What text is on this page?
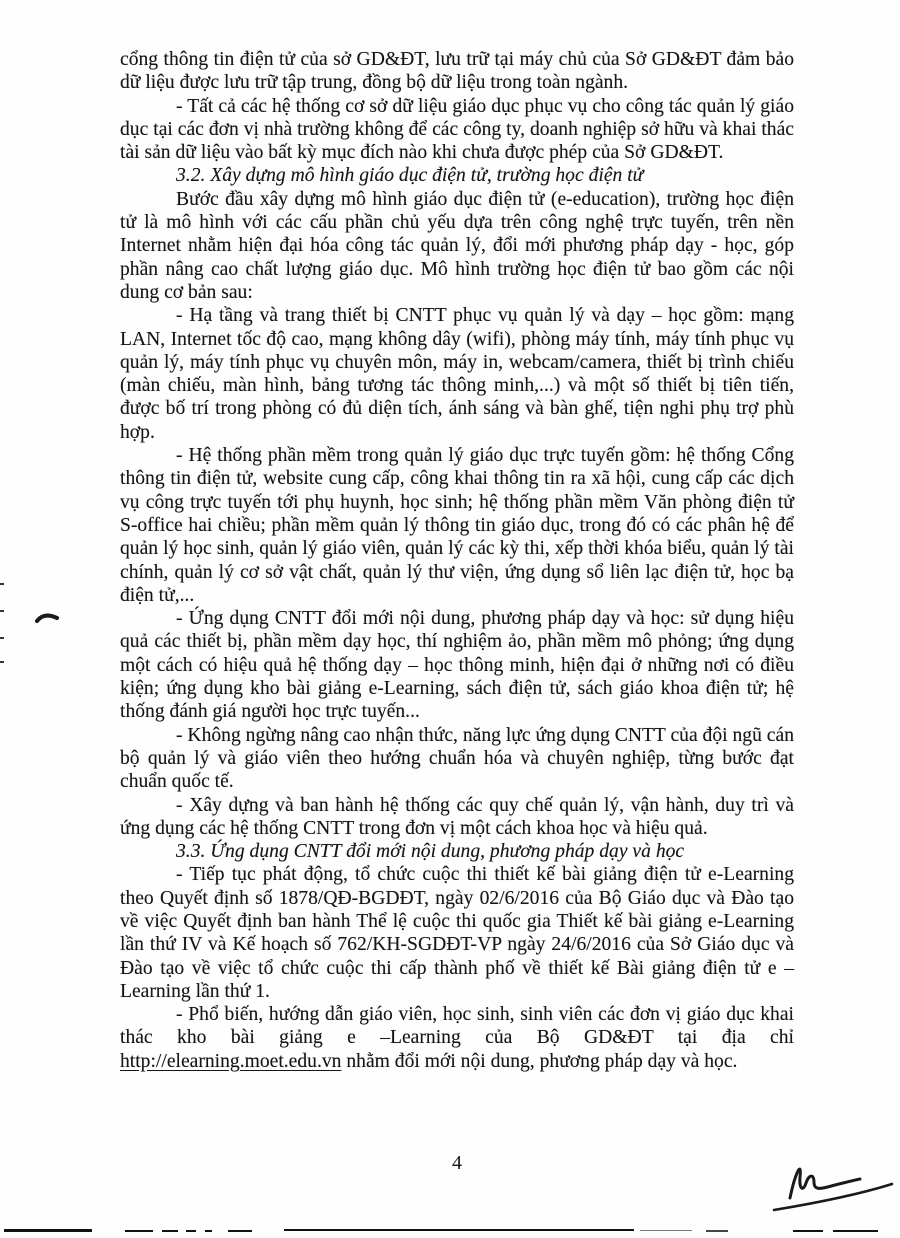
cổng thông tin điện tử của sở GD&ĐT, lưu trữ tại máy chủ của Sở GD&ĐT đảm bảo dữ liệu được lưu trữ tập trung, đồng bộ dữ liệu trong toàn ngành.

- Tất cả các hệ thống cơ sở dữ liệu giáo dục phục vụ cho công tác quản lý giáo dục tại các đơn vị nhà trường không để các công ty, doanh nghiệp sở hữu và khai thác tài sản dữ liệu vào bất kỳ mục đích nào khi chưa được phép của Sở GD&ĐT.

3.2. Xây dựng mô hình giáo dục điện tử, trường học điện tử

Bước đầu xây dựng mô hình giáo dục điện tử (e-education), trường học điện tử là mô hình với các cấu phần chủ yếu dựa trên công nghệ trực tuyến, trên nền Internet nhằm hiện đại hóa công tác quản lý, đổi mới phương pháp dạy - học, góp phần nâng cao chất lượng giáo dục. Mô hình trường học điện tử bao gồm các nội dung cơ bản sau:

- Hạ tầng và trang thiết bị CNTT phục vụ quản lý và dạy – học gồm: mạng LAN, Internet tốc độ cao, mạng không dây (wifi), phòng máy tính, máy tính phục vụ quản lý, máy tính phục vụ chuyên môn, máy in, webcam/camera, thiết bị trình chiếu (màn chiếu, màn hình, bảng tương tác thông minh,...) và một số thiết bị tiên tiến, được bố trí trong phòng có đủ diện tích, ánh sáng và bàn ghế, tiện nghi phụ trợ phù hợp.

- Hệ thống phần mềm trong quản lý giáo dục trực tuyến gồm: hệ thống Cổng thông tin điện tử, website cung cấp, công khai thông tin ra xã hội, cung cấp các dịch vụ công trực tuyến tới phụ huynh, học sinh; hệ thống phần mềm Văn phòng điện tử S-office hai chiều; phần mềm quản lý thông tin giáo dục, trong đó có các phân hệ để quản lý học sinh, quản lý giáo viên, quản lý các kỳ thi, xếp thời khóa biểu, quản lý tài chính, quản lý cơ sở vật chất, quản lý thư viện, ứng dụng sổ liên lạc điện tử, học bạ điện tử,...

- Ứng dụng CNTT đổi mới nội dung, phương pháp dạy và học: sử dụng hiệu quả các thiết bị, phần mềm dạy học, thí nghiệm ảo, phần mềm mô phỏng; ứng dụng một cách có hiệu quả hệ thống dạy – học thông minh, hiện đại ở những nơi có điều kiện; ứng dụng kho bài giảng e-Learning, sách điện tử, sách giáo khoa điện tử; hệ thống đánh giá người học trực tuyến...

- Không ngừng nâng cao nhận thức, năng lực ứng dụng CNTT của đội ngũ cán bộ quản lý và giáo viên theo hướng chuẩn hóa và chuyên nghiệp, từng bước đạt chuẩn quốc tế.

- Xây dựng và ban hành hệ thống các quy chế quản lý, vận hành, duy trì và ứng dụng các hệ thống CNTT trong đơn vị một cách khoa học và hiệu quả.

3.3. Ứng dụng CNTT đổi mới nội dung, phương pháp dạy và học

- Tiếp tục phát động, tổ chức cuộc thi thiết kế bài giảng điện tử e-Learning theo Quyết định số 1878/QĐ-BGDĐT, ngày 02/6/2016 của Bộ Giáo dục và Đào tạo về việc Quyết định ban hành Thể lệ cuộc thi quốc gia Thiết kế bài giảng e-Learning lần thứ IV và Kế hoạch số 762/KH-SGDĐT-VP ngày 24/6/2016 của Sở Giáo dục và Đào tạo về việc tổ chức cuộc thi cấp thành phố về thiết kế Bài giảng điện tử e – Learning lần thứ 1.

- Phổ biến, hướng dẫn giáo viên, học sinh, sinh viên các đơn vị giáo dục khai thác kho bài giảng e –Learning của Bộ GD&ĐT tại địa chỉ http://elearning.moet.edu.vn nhằm đổi mới nội dung, phương pháp dạy và học.

4
